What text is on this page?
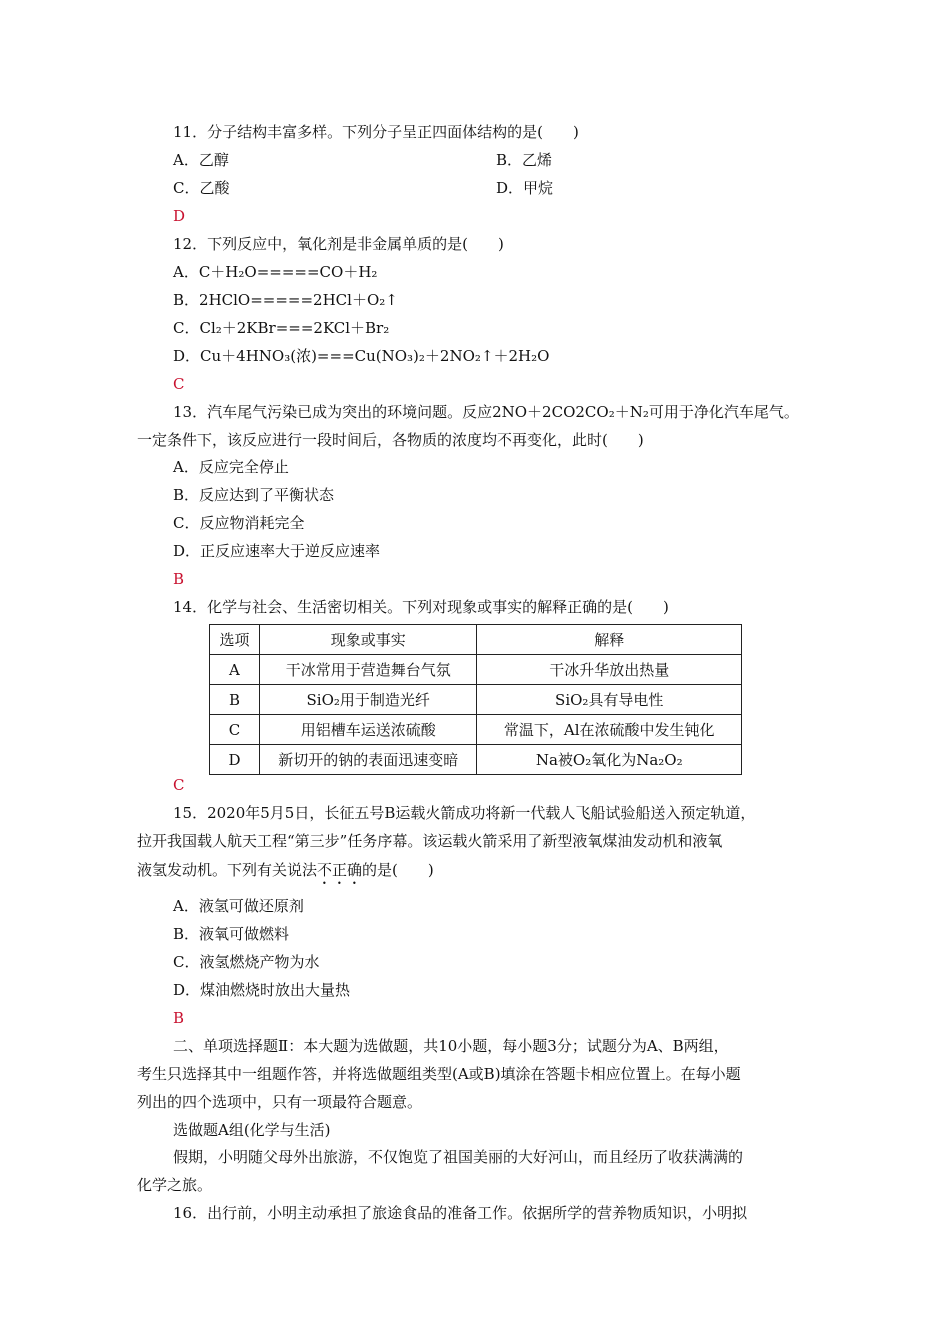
11．分子结构丰富多样。下列分子呈正四面体结构的是(　　)
A．乙醇	B．乙烯
C．乙酸	D．甲烷
D
12．下列反应中，氧化剂是非金属单质的是(　　)
A．C＋H₂O=====CO＋H₂
B．2HClO=====2HCl＋O₂↑
C．Cl₂＋2KBr===2KCl＋Br₂
D．Cu＋4HNO₃(浓)===Cu(NO₃)₂＋2NO₂↑＋2H₂O
C
13．汽车尾气污染已成为突出的环境问题。反应2NO＋2CO2CO₂＋N₂可用于净化汽车尾气。
一定条件下，该反应进行一段时间后，各物质的浓度均不再变化，此时(　　)
A．反应完全停止
B．反应达到了平衡状态
C．反应物消耗完全
D．正反应速率大于逆反应速率
B
14．化学与社会、生活密切相关。下列对现象或事实的解释正确的是(　　)
选项	现象或事实	解释
A	干冰常用于营造舞台气氛	干冰升华放出热量
B	SiO₂用于制造光纤	SiO₂具有导电性
C	用铝槽车运送浓硫酸	常温下，Al在浓硫酸中发生钝化
D	新切开的钠的表面迅速变暗	Na被O₂氧化为Na₂O₂
C
15．2020年5月5日，长征五号B运载火箭成功将新一代载人飞船试验船送入预定轨道，
拉开我国载人航天工程“第三步”任务序幕。该运载火箭采用了新型液氧煤油发动机和液氧
液氢发动机。下列有关说法不正确的是(　　)
A．液氢可做还原剂
B．液氧可做燃料
C．液氢燃烧产物为水
D．煤油燃烧时放出大量热
B
二、单项选择题Ⅱ：本大题为选做题，共10小题，每小题3分；试题分为A、B两组，
考生只选择其中一组题作答，并将选做题组类型(A或B)填涂在答题卡相应位置上。在每小题
列出的四个选项中，只有一项最符合题意。
选做题A组(化学与生活)
假期，小明随父母外出旅游，不仅饱览了祖国美丽的大好河山，而且经历了收获满满的
化学之旅。
16．出行前，小明主动承担了旅途食品的准备工作。依据所学的营养物质知识，小明拟
